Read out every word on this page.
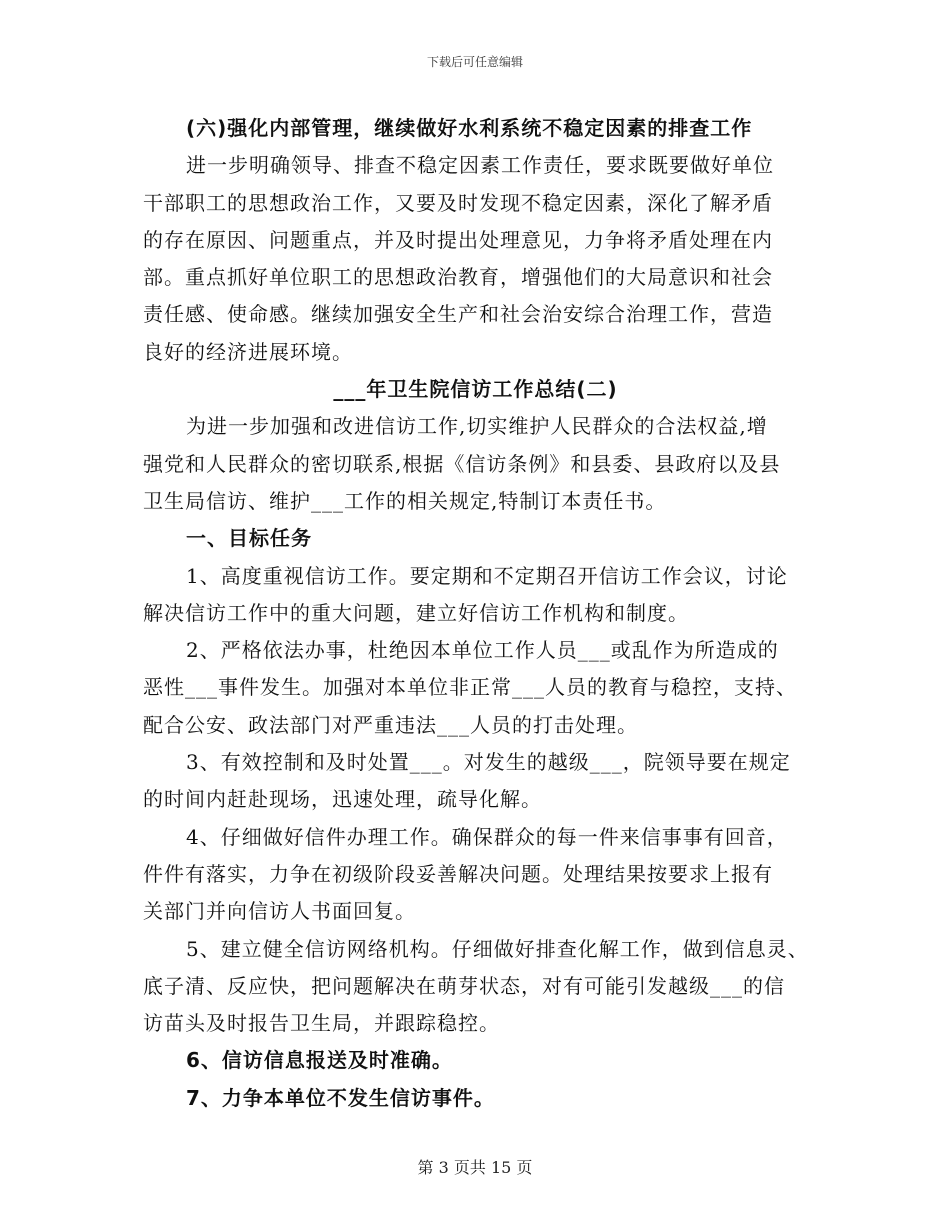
下载后可任意编辑
(六)强化内部管理，继续做好水利系统不稳定因素的排查工作
进一步明确领导、排查不稳定因素工作责任，要求既要做好单位
干部职工的思想政治工作，又要及时发现不稳定因素，深化了解矛盾
的存在原因、问题重点，并及时提出处理意见，力争将矛盾处理在内
部。重点抓好单位职工的思想政治教育，增强他们的大局意识和社会
责任感、使命感。继续加强安全生产和社会治安综合治理工作，营造
良好的经济进展环境。
___年卫生院信访工作总结(二)
为进一步加强和改进信访工作,切实维护人民群众的合法权益,增
强党和人民群众的密切联系,根据《信访条例》和县委、县政府以及县
卫生局信访、维护___工作的相关规定,特制订本责任书。
一、目标任务
1、高度重视信访工作。要定期和不定期召开信访工作会议，讨论
解决信访工作中的重大问题，建立好信访工作机构和制度。
2、严格依法办事，杜绝因本单位工作人员___或乱作为所造成的
恶性___事件发生。加强对本单位非正常___人员的教育与稳控，支持、
配合公安、政法部门对严重违法___人员的打击处理。
3、有效控制和及时处置___。对发生的越级___，院领导要在规定
的时间内赶赴现场，迅速处理，疏导化解。
4、仔细做好信件办理工作。确保群众的每一件来信事事有回音，
件件有落实，力争在初级阶段妥善解决问题。处理结果按要求上报有
关部门并向信访人书面回复。
5、建立健全信访网络机构。仔细做好排查化解工作，做到信息灵、
底子清、反应快，把问题解决在萌芽状态，对有可能引发越级___的信
访苗头及时报告卫生局，并跟踪稳控。
6、信访信息报送及时准确。
7、力争本单位不发生信访事件。
第 3 页共 15 页
